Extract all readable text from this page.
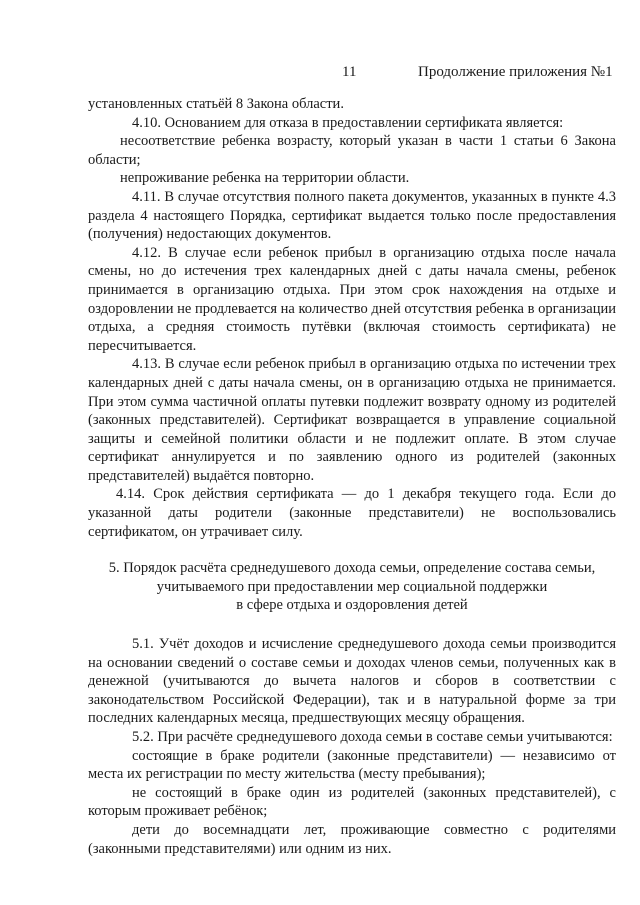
11	Продолжение приложения №1

установленных статьёй 8 Закона области.

4.10. Основанием для отказа в предоставлении сертификата является:

несоответствие ребенка возрасту, который указан в части 1 статьи 6 Закона области;

непроживание ребенка на территории области.

4.11. В случае отсутствия полного пакета документов, указанных в пункте 4.3 раздела 4 настоящего Порядка, сертификат выдается только после предоставления (получения) недостающих документов.

4.12. В случае если ребенок прибыл в организацию отдыха после начала смены, но до истечения трех календарных дней с даты начала смены, ребенок принимается в организацию отдыха. При этом срок нахождения на отдыхе и оздоровлении не продлевается на количество дней отсутствия ребенка в организации отдыха, а средняя стоимость путёвки (включая стоимость сертификата) не пересчитывается.

4.13. В случае если ребенок прибыл в организацию отдыха по истечении трех календарных дней с даты начала смены, он в организацию отдыха не принимается. При этом сумма частичной оплаты путевки подлежит возврату одному из родителей (законных представителей). Сертификат возвращается в управление социальной защиты и семейной политики области и не подлежит оплате. В этом случае сертификат аннулируется и по заявлению одного из родителей (законных представителей) выдаётся повторно.

4.14. Срок действия сертификата — до 1 декабря текущего года. Если до указанной даты родители (законные представители) не воспользовались сертификатом, он утрачивает силу.

5. Порядок расчёта среднедушевого дохода семьи, определение состава семьи,
учитываемого при предоставлении мер социальной поддержки
в сфере отдыха и оздоровления детей

5.1. Учёт доходов и исчисление среднедушевого дохода семьи производится на основании сведений о составе семьи и доходах членов семьи, полученных как в денежной (учитываются до вычета налогов и сборов в соответствии с законодательством Российской Федерации), так и в натуральной форме за три последних календарных месяца, предшествующих месяцу обращения.

5.2. При расчёте среднедушевого дохода семьи в составе семьи учитываются:

состоящие в браке родители (законные представители) — независимо от места их регистрации по месту жительства (месту пребывания);

не состоящий в браке один из родителей (законных представителей), с которым проживает ребёнок;

дети до восемнадцати лет, проживающие совместно с родителями (законными представителями) или одним из них.
